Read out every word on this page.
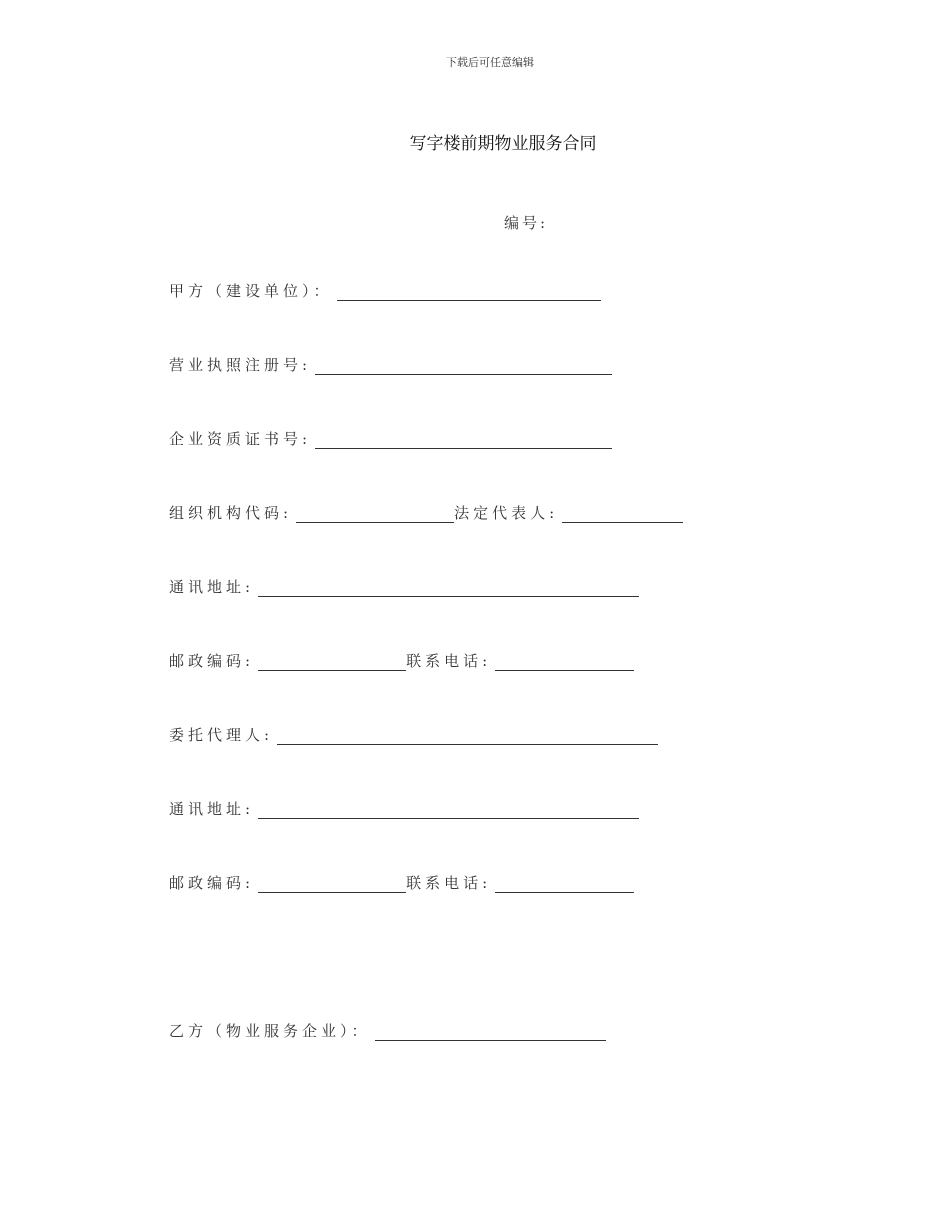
下载后可任意编辑
写字楼前期物业服务合同
编号:
甲方（建设单位）：
营业执照注册号:
企业资质证书号:
组织机构代码:	法定代表人:
通讯地址:
邮政编码:	联系电话:
委托代理人:
通讯地址:
邮政编码:	联系电话:
乙方（物业服务企业）：
